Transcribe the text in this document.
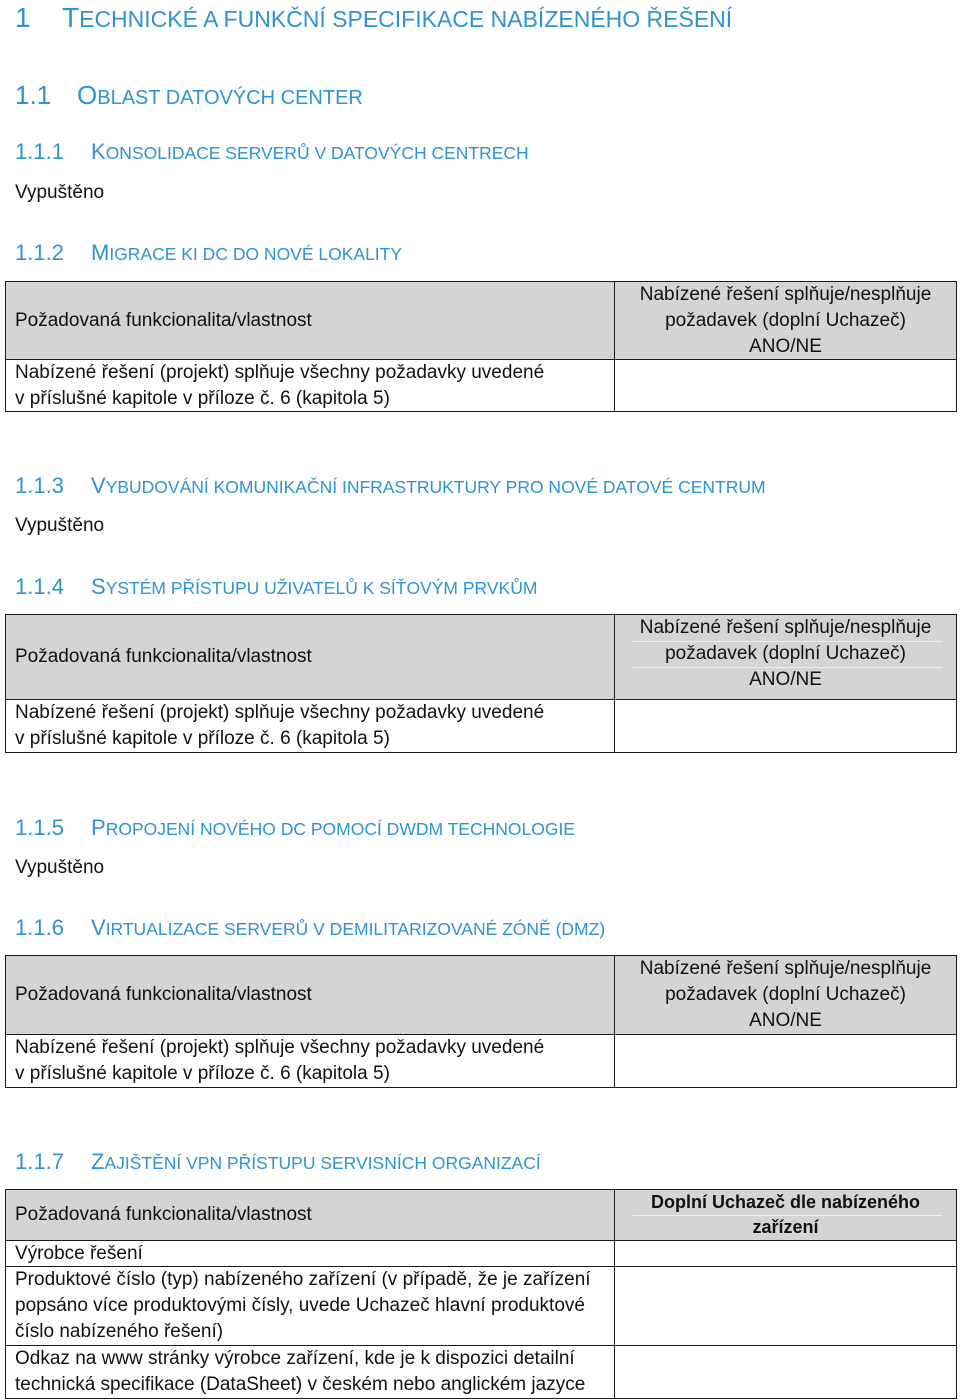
1 TECHNICKÉ A FUNKČNÍ SPECIFIKACE NABÍZENÉHO ŘEŠENÍ
1.1 OBLAST DATOVÝCH CENTER
1.1.1 KONSOLIDACE SERVERŮ V DATOVÝCH CENTRECH
Vypuštěno
1.1.2 MIGRACE KI DC DO NOVÉ LOKALITY
Požadovaná funkcionalita/vlastnost
Nabízené řešení splňuje/nesplňuje
požadavek (doplní Uchazeč)
ANO/NE
Nabízené řešení (projekt) splňuje všechny požadavky uvedené
v příslušné kapitole v příloze č. 6 (kapitola 5)
1.1.3 VYBUDOVÁNÍ KOMUNIKAČNÍ INFRASTRUKTURY PRO NOVÉ DATOVÉ CENTRUM
Vypuštěno
1.1.4 SYSTÉM PŘÍSTUPU UŽIVATELŮ K SÍŤOVÝM PRVKŮM
Požadovaná funkcionalita/vlastnost
Nabízené řešení splňuje/nesplňuje
požadavek (doplní Uchazeč)
ANO/NE
Nabízené řešení (projekt) splňuje všechny požadavky uvedené
v příslušné kapitole v příloze č. 6 (kapitola 5)
1.1.5 PROPOJENÍ NOVÉHO DC POMOCÍ DWDM TECHNOLOGIE
Vypuštěno
1.1.6 VIRTUALIZACE SERVERŮ V DEMILITARIZOVANÉ ZÓNĚ (DMZ)
Požadovaná funkcionalita/vlastnost
Nabízené řešení splňuje/nesplňuje
požadavek (doplní Uchazeč)
ANO/NE
Nabízené řešení (projekt) splňuje všechny požadavky uvedené
v příslušné kapitole v příloze č. 6 (kapitola 5)
1.1.7 ZAJIŠTĚNÍ VPN PŘÍSTUPU SERVISNÍCH ORGANIZACÍ
Požadovaná funkcionalita/vlastnost
Doplní Uchazeč dle nabízeného
zařízení
Výrobce řešení
Produktové číslo (typ) nabízeného zařízení (v případě, že je zařízení
popsáno více produktovými čísly, uvede Uchazeč hlavní produktové
číslo nabízeného řešení)
Odkaz na www stránky výrobce zařízení, kde je k dispozici detailní
technická specifikace (DataSheet) v českém nebo anglickém jazyce
